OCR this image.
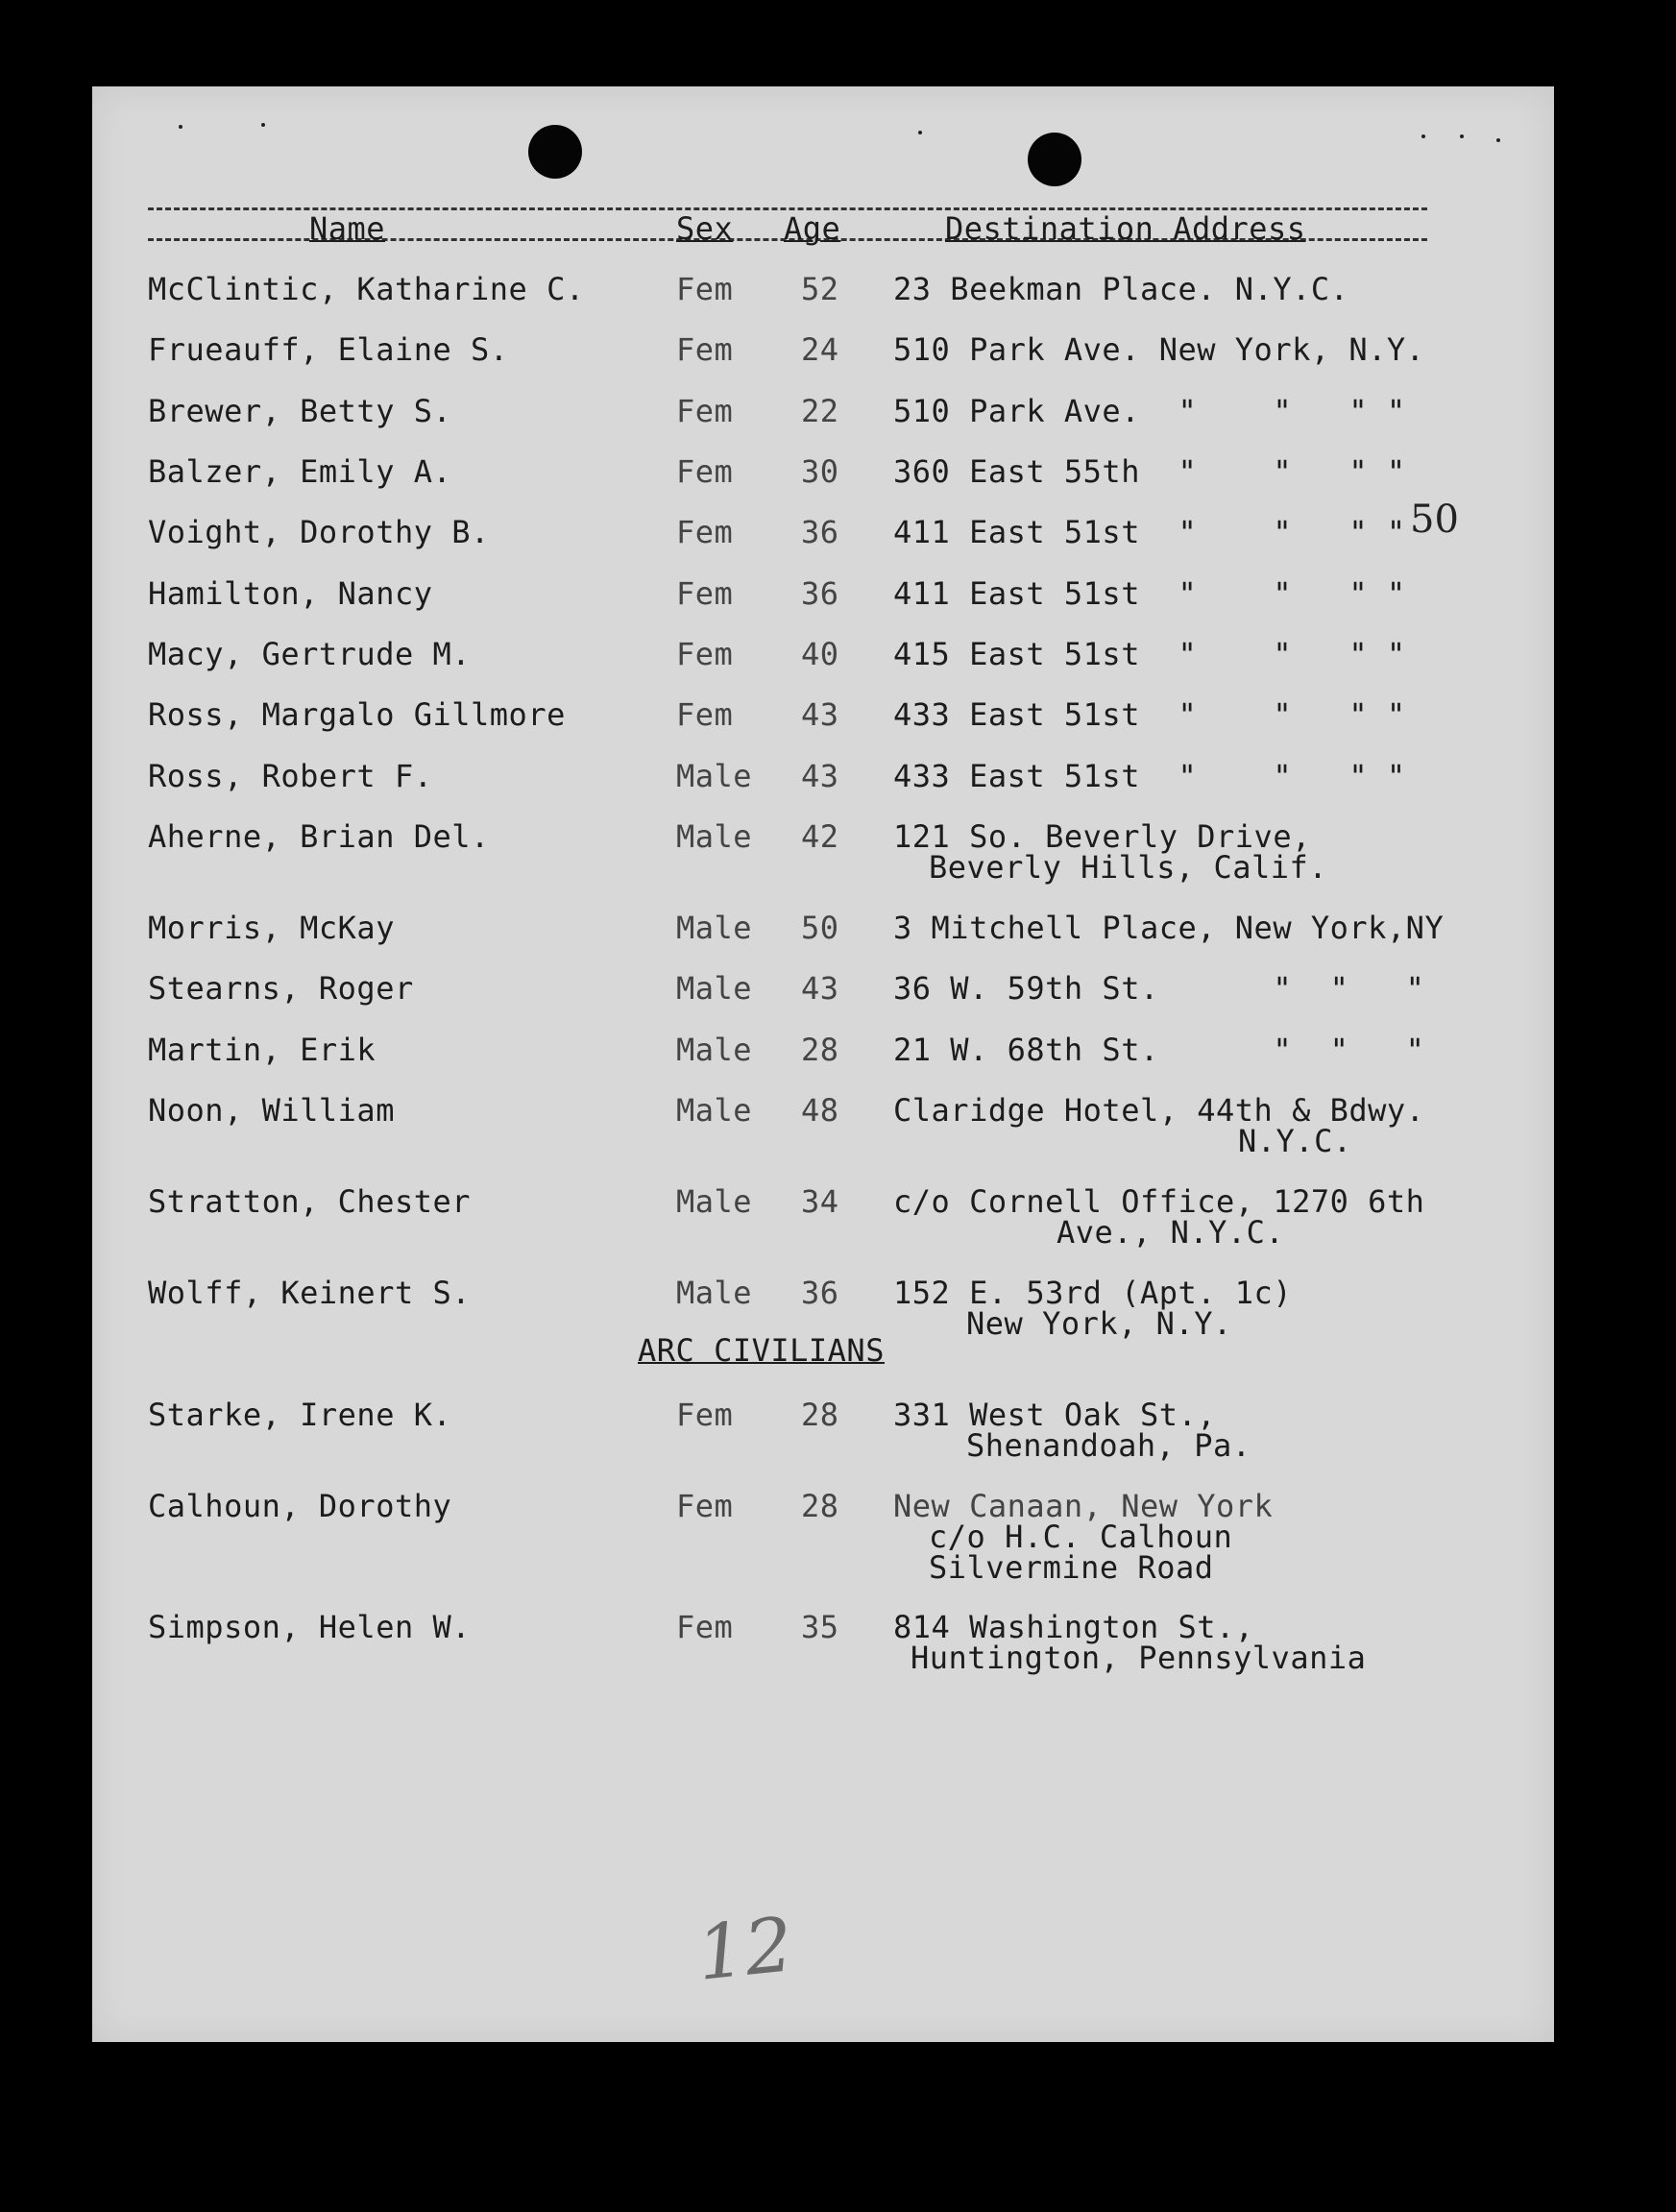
Name	Sex Age	Destination Address
50
McClintic, Katharine C.	Fem 52 23 Beekman Place. N.Y.C.
Frueauff, Elaine S.	Fem 24 510 Park Ave. New York, N.Y.
Brewer, Betty S.	Fem 22 510 Park Ave.  "    "   " "
Balzer, Emily A.	Fem 30 360 East 55th  "    "   " "
Voight, Dorothy B.	Fem 36 411 East 51st  "    "   " "
Hamilton, Nancy	Fem 36 411 East 51st  "    "   " "
Macy, Gertrude M.	Fem 40 415 East 51st  "    "   " "
Ross, Margalo Gillmore	Fem 43 433 East 51st  "    "   " "
Ross, Robert F.	Male 43 433 East 51st  "    "   " "
Aherne, Brian Del.	Male 42 121 So. Beverly Drive,
Beverly Hills, Calif.
Morris, McKay	Male 50 3 Mitchell Place, New York,NY
Stearns, Roger	Male 43 36 W. 59th St.      "  "   "
Martin, Erik	Male 28 21 W. 68th St.      "  "   "
Noon, William	Male 48 Claridge Hotel, 44th & Bdwy.
N.Y.C.
Stratton, Chester	Male 34 c/o Cornell Office, 1270 6th
Ave., N.Y.C.
Wolff, Keinert S.	Male 36 152 E. 53rd (Apt. 1c)
New York, N.Y.
ARC CIVILIANS
Starke, Irene K.	Fem 28 331 West Oak St.,
Shenandoah, Pa.
Calhoun, Dorothy	Fem 28 New Canaan, New York
c/o H.C. Calhoun
Silvermine Road
Simpson, Helen W.	Fem 35 814 Washington St.,
Huntington, Pennsylvania
12
